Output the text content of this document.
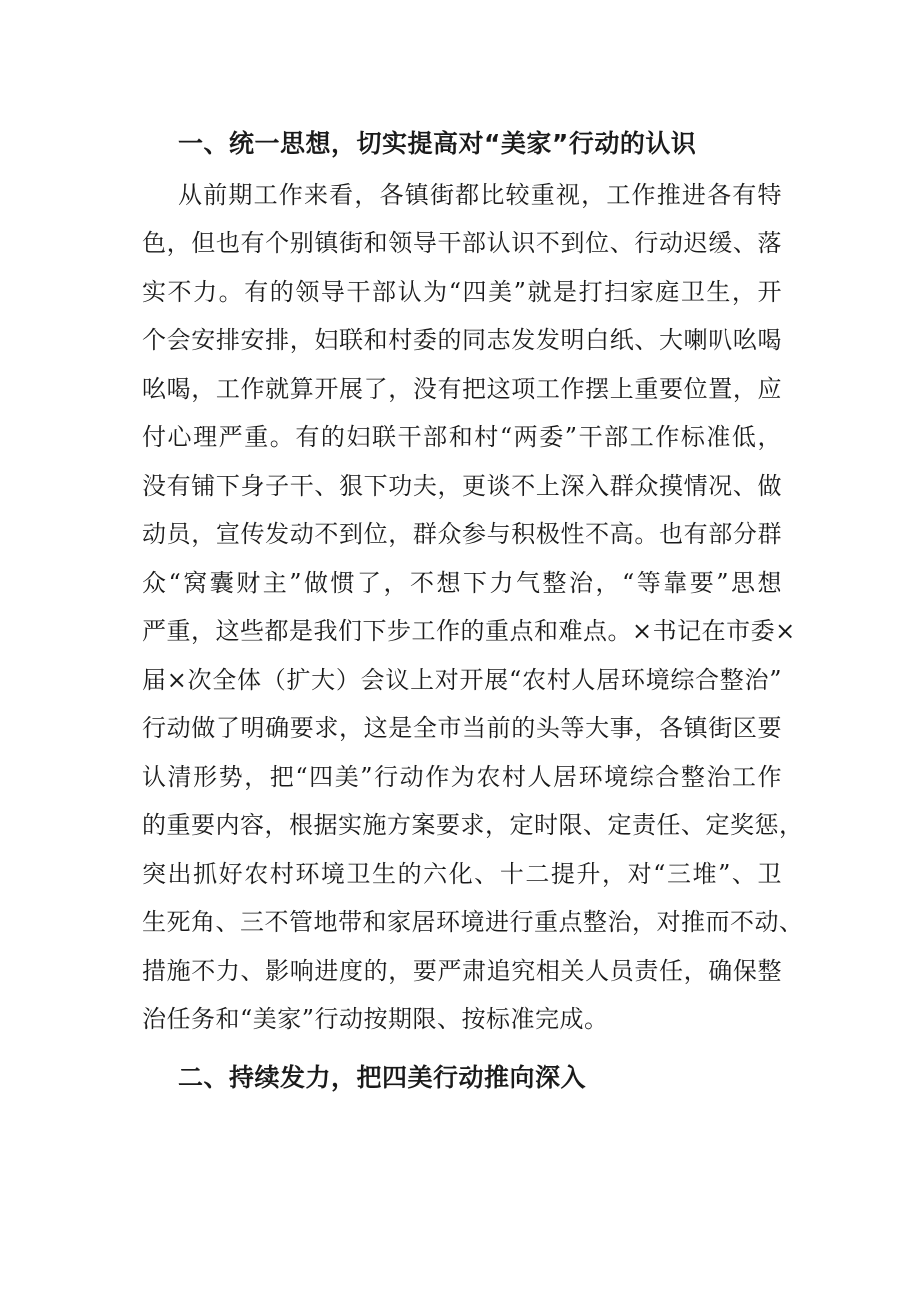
一、统一思想，切实提高对“美家”行动的认识
从前期工作来看，各镇街都比较重视，工作推进各有特
色，但也有个别镇街和领导干部认识不到位、行动迟缓、落
实不力。有的领导干部认为“四美”就是打扫家庭卫生，开
个会安排安排，妇联和村委的同志发发明白纸、大喇叭吆喝
吆喝，工作就算开展了，没有把这项工作摆上重要位置，应
付心理严重。有的妇联干部和村“两委”干部工作标准低，
没有铺下身子干、狠下功夫，更谈不上深入群众摸情况、做
动员，宣传发动不到位，群众参与积极性不高。也有部分群
众“窝囊财主”做惯了，不想下力气整治，“等靠要”思想
严重，这些都是我们下步工作的重点和难点。×书记在市委×
届×次全体（扩大）会议上对开展“农村人居环境综合整治”
行动做了明确要求，这是全市当前的头等大事，各镇街区要
认清形势，把“四美”行动作为农村人居环境综合整治工作
的重要内容，根据实施方案要求，定时限、定责任、定奖惩，
突出抓好农村环境卫生的六化、十二提升，对“三堆”、卫
生死角、三不管地带和家居环境进行重点整治，对推而不动、
措施不力、影响进度的，要严肃追究相关人员责任，确保整
治任务和“美家”行动按期限、按标准完成。
二、持续发力，把四美行动推向深入
